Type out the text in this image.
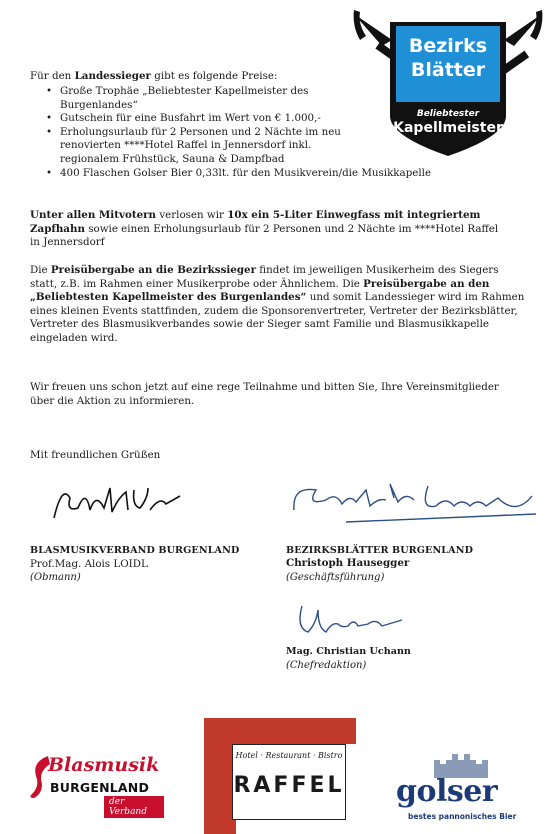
Bezirks
Blätter
Beliebtester
Kapellmeister
Für den Landessieger gibt es folgende Preise:
• Große Trophäe „Beliebtester Kapellmeister des Burgenlandes“
• Gutschein für eine Busfahrt im Wert von € 1.000,-
• Erholungsurlaub für 2 Personen und 2 Nächte im neu renovierten ****Hotel Raffel in Jennersdorf inkl. regionalem Frühstück, Sauna & Dampfbad
• 400 Flaschen Golser Bier 0,33lt. für den Musikverein/die Musikkapelle
Unter allen Mitvotern verlosen wir 10x ein 5-Liter Einwegfass mit integriertem Zapfhahn sowie einen Erholungsurlaub für 2 Personen und 2 Nächte im ****Hotel Raffel in Jennersdorf
Die Preisübergabe an die Bezirkssieger findet im jeweiligen Musikerheim des Siegers statt, z.B. im Rahmen einer Musikerprobe oder Ähnlichem. Die Preisübergabe an den „Beliebtesten Kapellmeister des Burgenlandes“ und somit Landessieger wird im Rahmen eines kleinen Events stattfinden, zudem die Sponsorenvertreter, Vertreter der Bezirksblätter, Vertreter des Blasmusikverbandes sowie der Sieger samt Familie und Blasmusikkapelle eingeladen wird.
Wir freuen uns schon jetzt auf eine rege Teilnahme und bitten Sie, Ihre Vereinsmitglieder über die Aktion zu informieren.
Mit freundlichen Grüßen
BLASMUSIKVERBAND BURGENLAND
Prof.Mag. Alois LOIDL
(Obmann)
BEZIRKSBLÄTTER BURGENLAND
Christoph Hausegger
(Geschäftsführung)
Mag. Christian Uchann
(Chefredaktion)
Blasmusik
BURGENLAND
der Verband
Hotel · Restaurant · Bistro
RAFFEL golser
bestes pannonisches Bier
